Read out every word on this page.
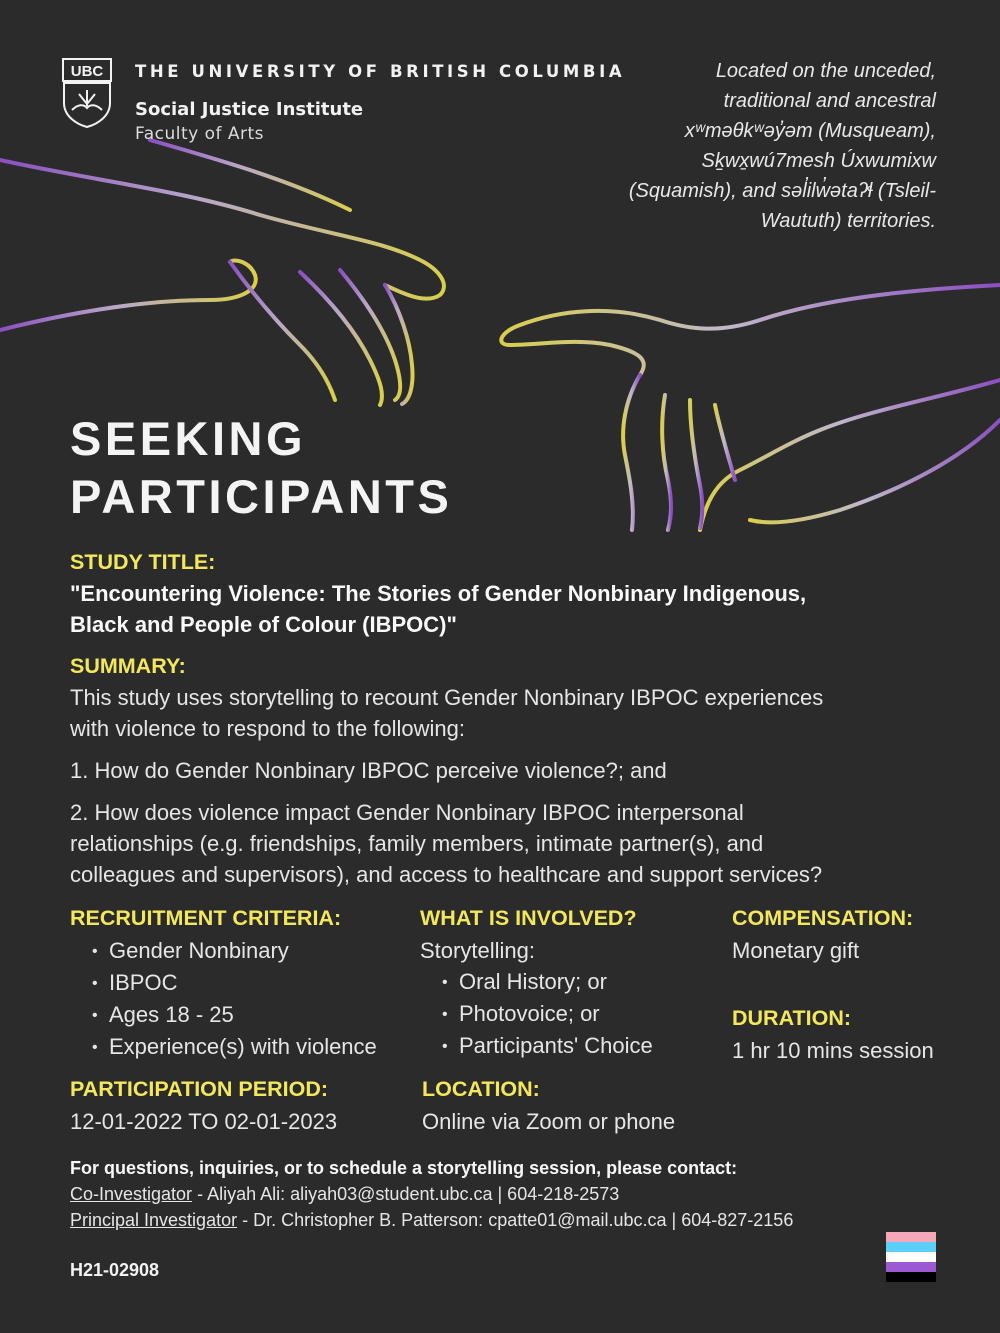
UBC THE UNIVERSITY OF BRITISH COLUMBIA
Social Justice Institute
Faculty of Arts
Located on the unceded,
traditional and ancestral
xʷməθkʷəy̓əm (Musqueam),
Sḵwx̱wú7mesh Úxwumixw
(Squamish), and səl̓ilw̓ətaʔɬ (Tsleil-
Waututh) territories.
SEEKING
PARTICIPANTS
STUDY TITLE:
"Encountering Violence: The Stories of Gender Nonbinary Indigenous,
Black and People of Colour (IBPOC)"
SUMMARY:
This study uses storytelling to recount Gender Nonbinary IBPOC experiences
with violence to respond to the following:
1. How do Gender Nonbinary IBPOC perceive violence?; and
2. How does violence impact Gender Nonbinary IBPOC interpersonal
relationships (e.g. friendships, family members, intimate partner(s), and
colleagues and supervisors), and access to healthcare and support services?
RECRUITMENT CRITERIA:
• Gender Nonbinary
• IBPOC
• Ages 18 - 25
• Experience(s) with violence
WHAT IS INVOLVED?
Storytelling:
• Oral History; or
• Photovoice; or
• Participants' Choice
COMPENSATION:
Monetary gift
DURATION:
1 hr 10 mins session
PARTICIPATION PERIOD:
12-01-2022 TO 02-01-2023
LOCATION:
Online via Zoom or phone
For questions, inquiries, or to schedule a storytelling session, please contact:
Co-Investigator - Aliyah Ali: aliyah03@student.ubc.ca | 604-218-2573
Principal Investigator - Dr. Christopher B. Patterson: cpatte01@mail.ubc.ca | 604-827-2156
H21-02908
